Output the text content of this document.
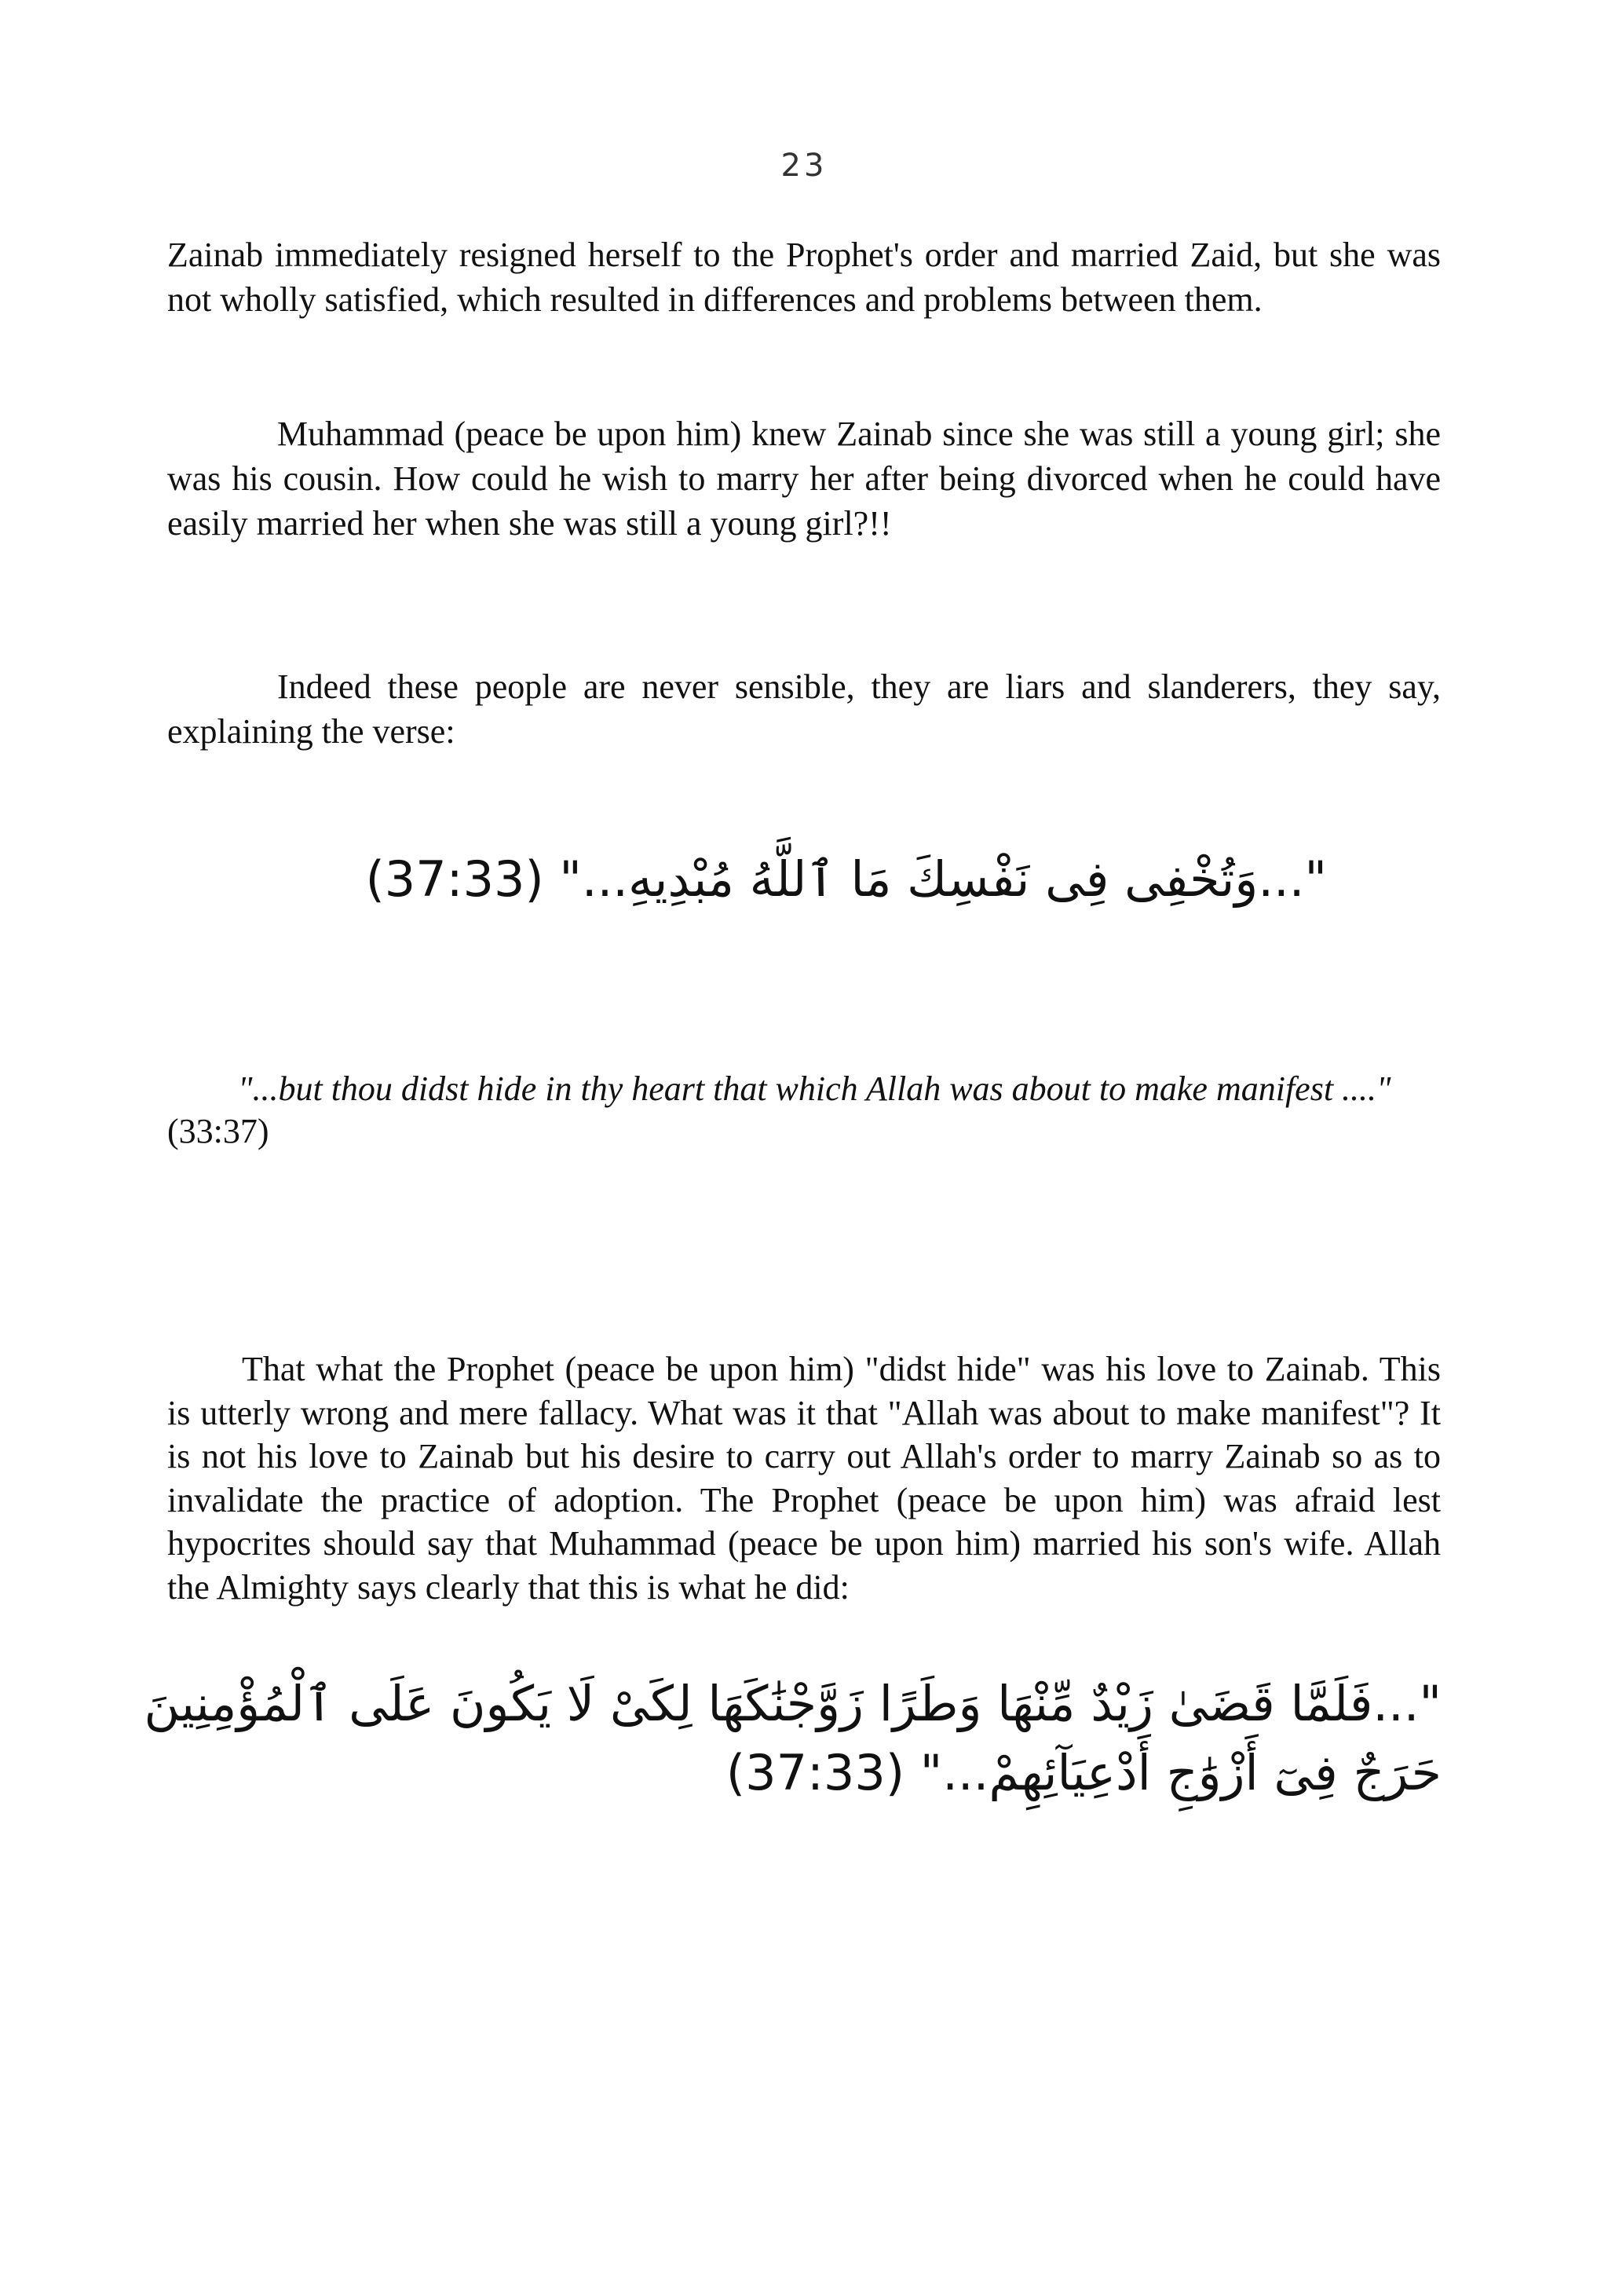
23

Zainab immediately resigned herself to the Prophet's order and married Zaid, but she was not wholly satisfied, which resulted in differences and problems between them.

Muhammad (peace be upon him) knew Zainab since she was still a young girl; she was his cousin. How could he wish to marry her after being divorced when he could have easily married her when she was still a young girl?!!

Indeed these people are never sensible, they are liars and slanderers, they say, explaining the verse:

"...وَتُخْفِى فِى نَفْسِكَ مَا ٱللَّهُ مُبْدِيهِ..." (37:33)

"...but thou didst hide in thy heart that which Allah was about to make manifest ...." (33:37)

That what the Prophet (peace be upon him) "didst hide" was his love to Zainab. This is utterly wrong and mere fallacy. What was it that "Allah was about to make manifest"? It is not his love to Zainab but his desire to carry out Allah's order to marry Zainab so as to invalidate the practice of adoption. The Prophet (peace be upon him) was afraid lest hypocrites should say that Muhammad (peace be upon him) married his son's wife. Allah the Almighty says clearly that this is what he did:

"...فَلَمَّا قَضَىٰ زَيْدٌ مِّنْهَا وَطَرًا زَوَّجْنَٰكَهَا لِكَىْ لَا يَكُونَ عَلَى ٱلْمُؤْمِنِينَ

حَرَجٌ فِىٓ أَزْوَٰجِ أَدْعِيَآئِهِمْ..." (37:33)
